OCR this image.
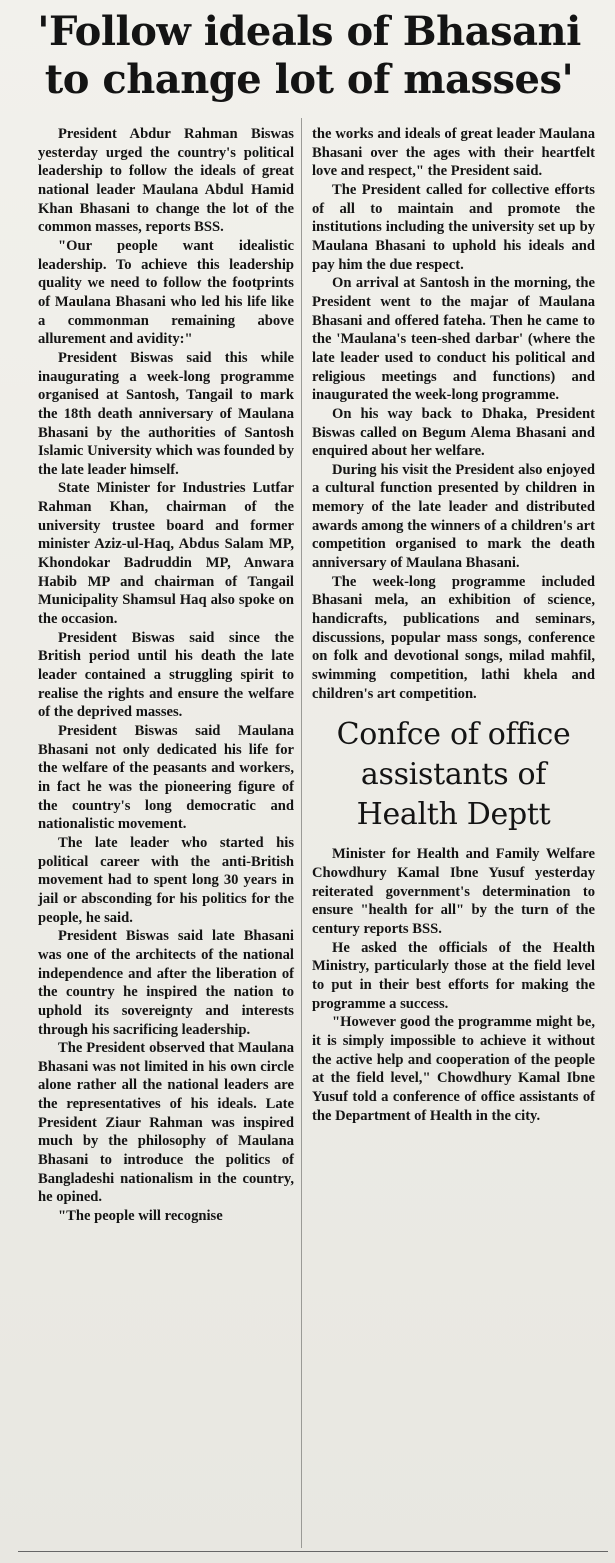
'Follow ideals of Bhasani to change lot of masses'

President Abdur Rahman Biswas yesterday urged the country's political leadership to follow the ideals of great national leader Maulana Abdul Hamid Khan Bhasani to change the lot of the common masses, reports BSS.

"Our people want idealistic leadership. To achieve this leadership quality we need to follow the footprints of Maulana Bhasani who led his life like a commonman remaining above allurement and avidity:"

President Biswas said this while inaugurating a week-long programme organised at Santosh, Tangail to mark the 18th death anniversary of Maulana Bhasani by the authorities of Santosh Islamic University which was founded by the late leader himself.

State Minister for Industries Lutfar Rahman Khan, chairman of the university trustee board and former minister Aziz-ul-Haq, Abdus Salam MP, Khondokar Badruddin MP, Anwara Habib MP and chairman of Tangail Municipality Shamsul Haq also spoke on the occasion.

President Biswas said since the British period until his death the late leader contained a struggling spirit to realise the rights and ensure the welfare of the deprived masses.

President Biswas said Maulana Bhasani not only dedicated his life for the welfare of the peasants and workers, in fact he was the pioneering figure of the country's long democratic and nationalistic movement.

The late leader who started his political career with the anti-British movement had to spent long 30 years in jail or absconding for his politics for the people, he said.

President Biswas said late Bhasani was one of the architects of the national independence and after the liberation of the country he inspired the nation to uphold its sovereignty and interests through his sacrificing leadership.

The President observed that Maulana Bhasani was not limited in his own circle alone rather all the national leaders are the representatives of his ideals. Late President Ziaur Rahman was inspired much by the philosophy of Maulana Bhasani to introduce the politics of Bangladeshi nationalism in the country, he opined.

"The people will recognise

the works and ideals of great leader Maulana Bhasani over the ages with their heartfelt love and respect," the President said.

The President called for collective efforts of all to maintain and promote the institutions including the university set up by Maulana Bhasani to uphold his ideals and pay him the due respect.

On arrival at Santosh in the morning, the President went to the majar of Maulana Bhasani and offered fateha. Then he came to the 'Maulana's teen-shed darbar' (where the late leader used to conduct his political and religious meetings and functions) and inaugurated the week-long programme.

On his way back to Dhaka, President Biswas called on Begum Alema Bhasani and enquired about her welfare.

During his visit the President also enjoyed a cultural function presented by children in memory of the late leader and distributed awards among the winners of a children's art competition organised to mark the death anniversary of Maulana Bhasani.

The week-long programme included Bhasani mela, an exhibition of science, handicrafts, publications and seminars, discussions, popular mass songs, conference on folk and devotional songs, milad mahfil, swimming competition, lathi khela and children's art competition.

Confce of office assistants of Health Deptt

Minister for Health and Family Welfare Chowdhury Kamal Ibne Yusuf yesterday reiterated government's determination to ensure "health for all" by the turn of the century reports BSS.

He asked the officials of the Health Ministry, particularly those at the field level to put in their best efforts for making the programme a success.

"However good the programme might be, it is simply impossible to achieve it without the active help and cooperation of the people at the field level," Chowdhury Kamal Ibne Yusuf told a conference of office assistants of the Department of Health in the city.
